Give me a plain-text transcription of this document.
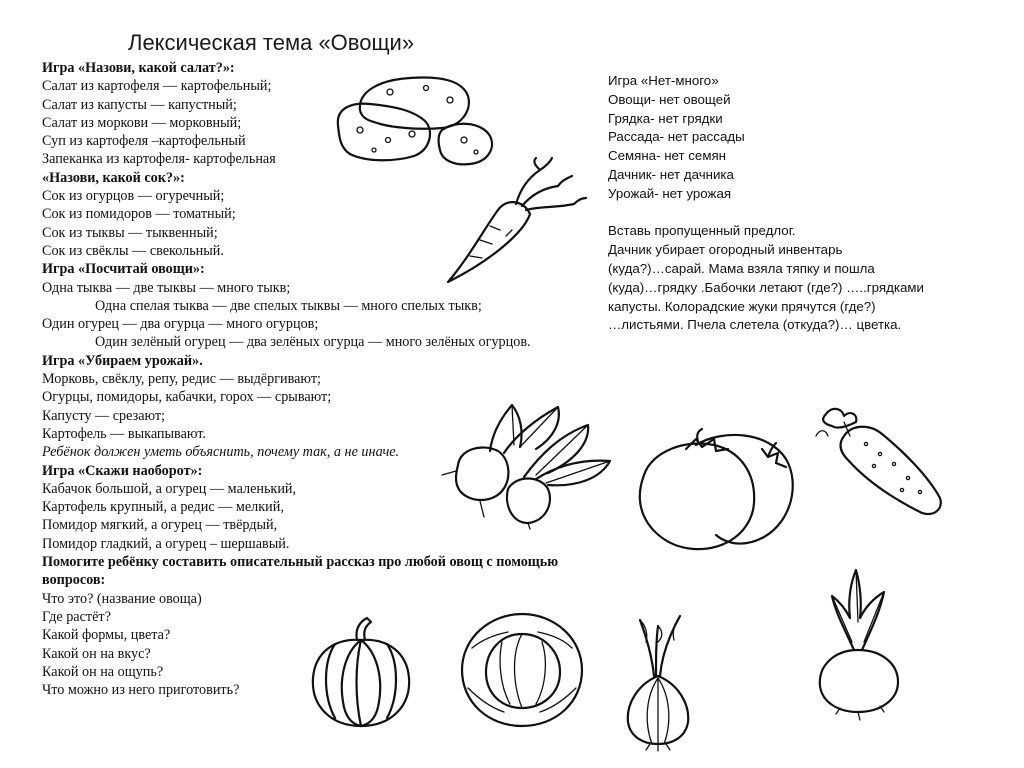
Лексическая тема «Овощи»
Игра «Назови, какой салат?»:
Салат из картофеля — картофельный;
Салат из капусты — капустный;
Салат из моркови — морковный;
Суп из картофеля –картофельный
Запеканка из картофеля- картофельная
«Назови, какой сок?»:
Сок из огурцов — огуречный;
Сок из помидоров — томатный;
Сок из тыквы — тыквенный;
Сок из свёклы — свекольный.
Игра «Посчитай овощи»:
Одна тыква — две тыквы — много тыкв;
Одна спелая тыква — две спелых тыквы — много спелых тыкв;
Один огурец — два огурца — много огурцов;
Один зелёный огурец — два зелёных огурца — много зелёных огурцов.
Игра «Убираем урожай».
Морковь, свёклу, репу, редис — выдёргивают;
Огурцы, помидоры, кабачки, горох — срывают;
Капусту — срезают;
Картофель — выкапывают.
Ребёнок должен уметь объяснить, почему так, а не иначе.
Игра «Скажи наоборот»:
Кабачок большой, а огурец — маленький,
Картофель крупный, а редис — мелкий,
Помидор мягкий, а огурец — твёрдый,
Помидор гладкий, а огурец – шершавый.
Помогите ребёнку составить описательный рассказ про любой овощ с помощью вопросов:
Что это? (название овоща)
Где растёт?
Какой формы, цвета?
Какой он на вкус?
Какой он на ощупь?
Что можно из него приготовить?
Игра «Нет-много»
Овощи- нет овощей
Грядка- нет грядки
Рассада- нет рассады
Семяна- нет семян
Дачник- нет дачника
Урожай- нет урожая
Вставь пропущенный предлог.
Дачник убирает огородный инвентарь
(куда?)…сарай. Мама взяла тяпку и пошла
(куда)…грядку .Бабочки летают (где?) …..грядками
капусты. Колорадские жуки прячутся (где?)
…листьями. Пчела слетела (откуда?)… цветка.
